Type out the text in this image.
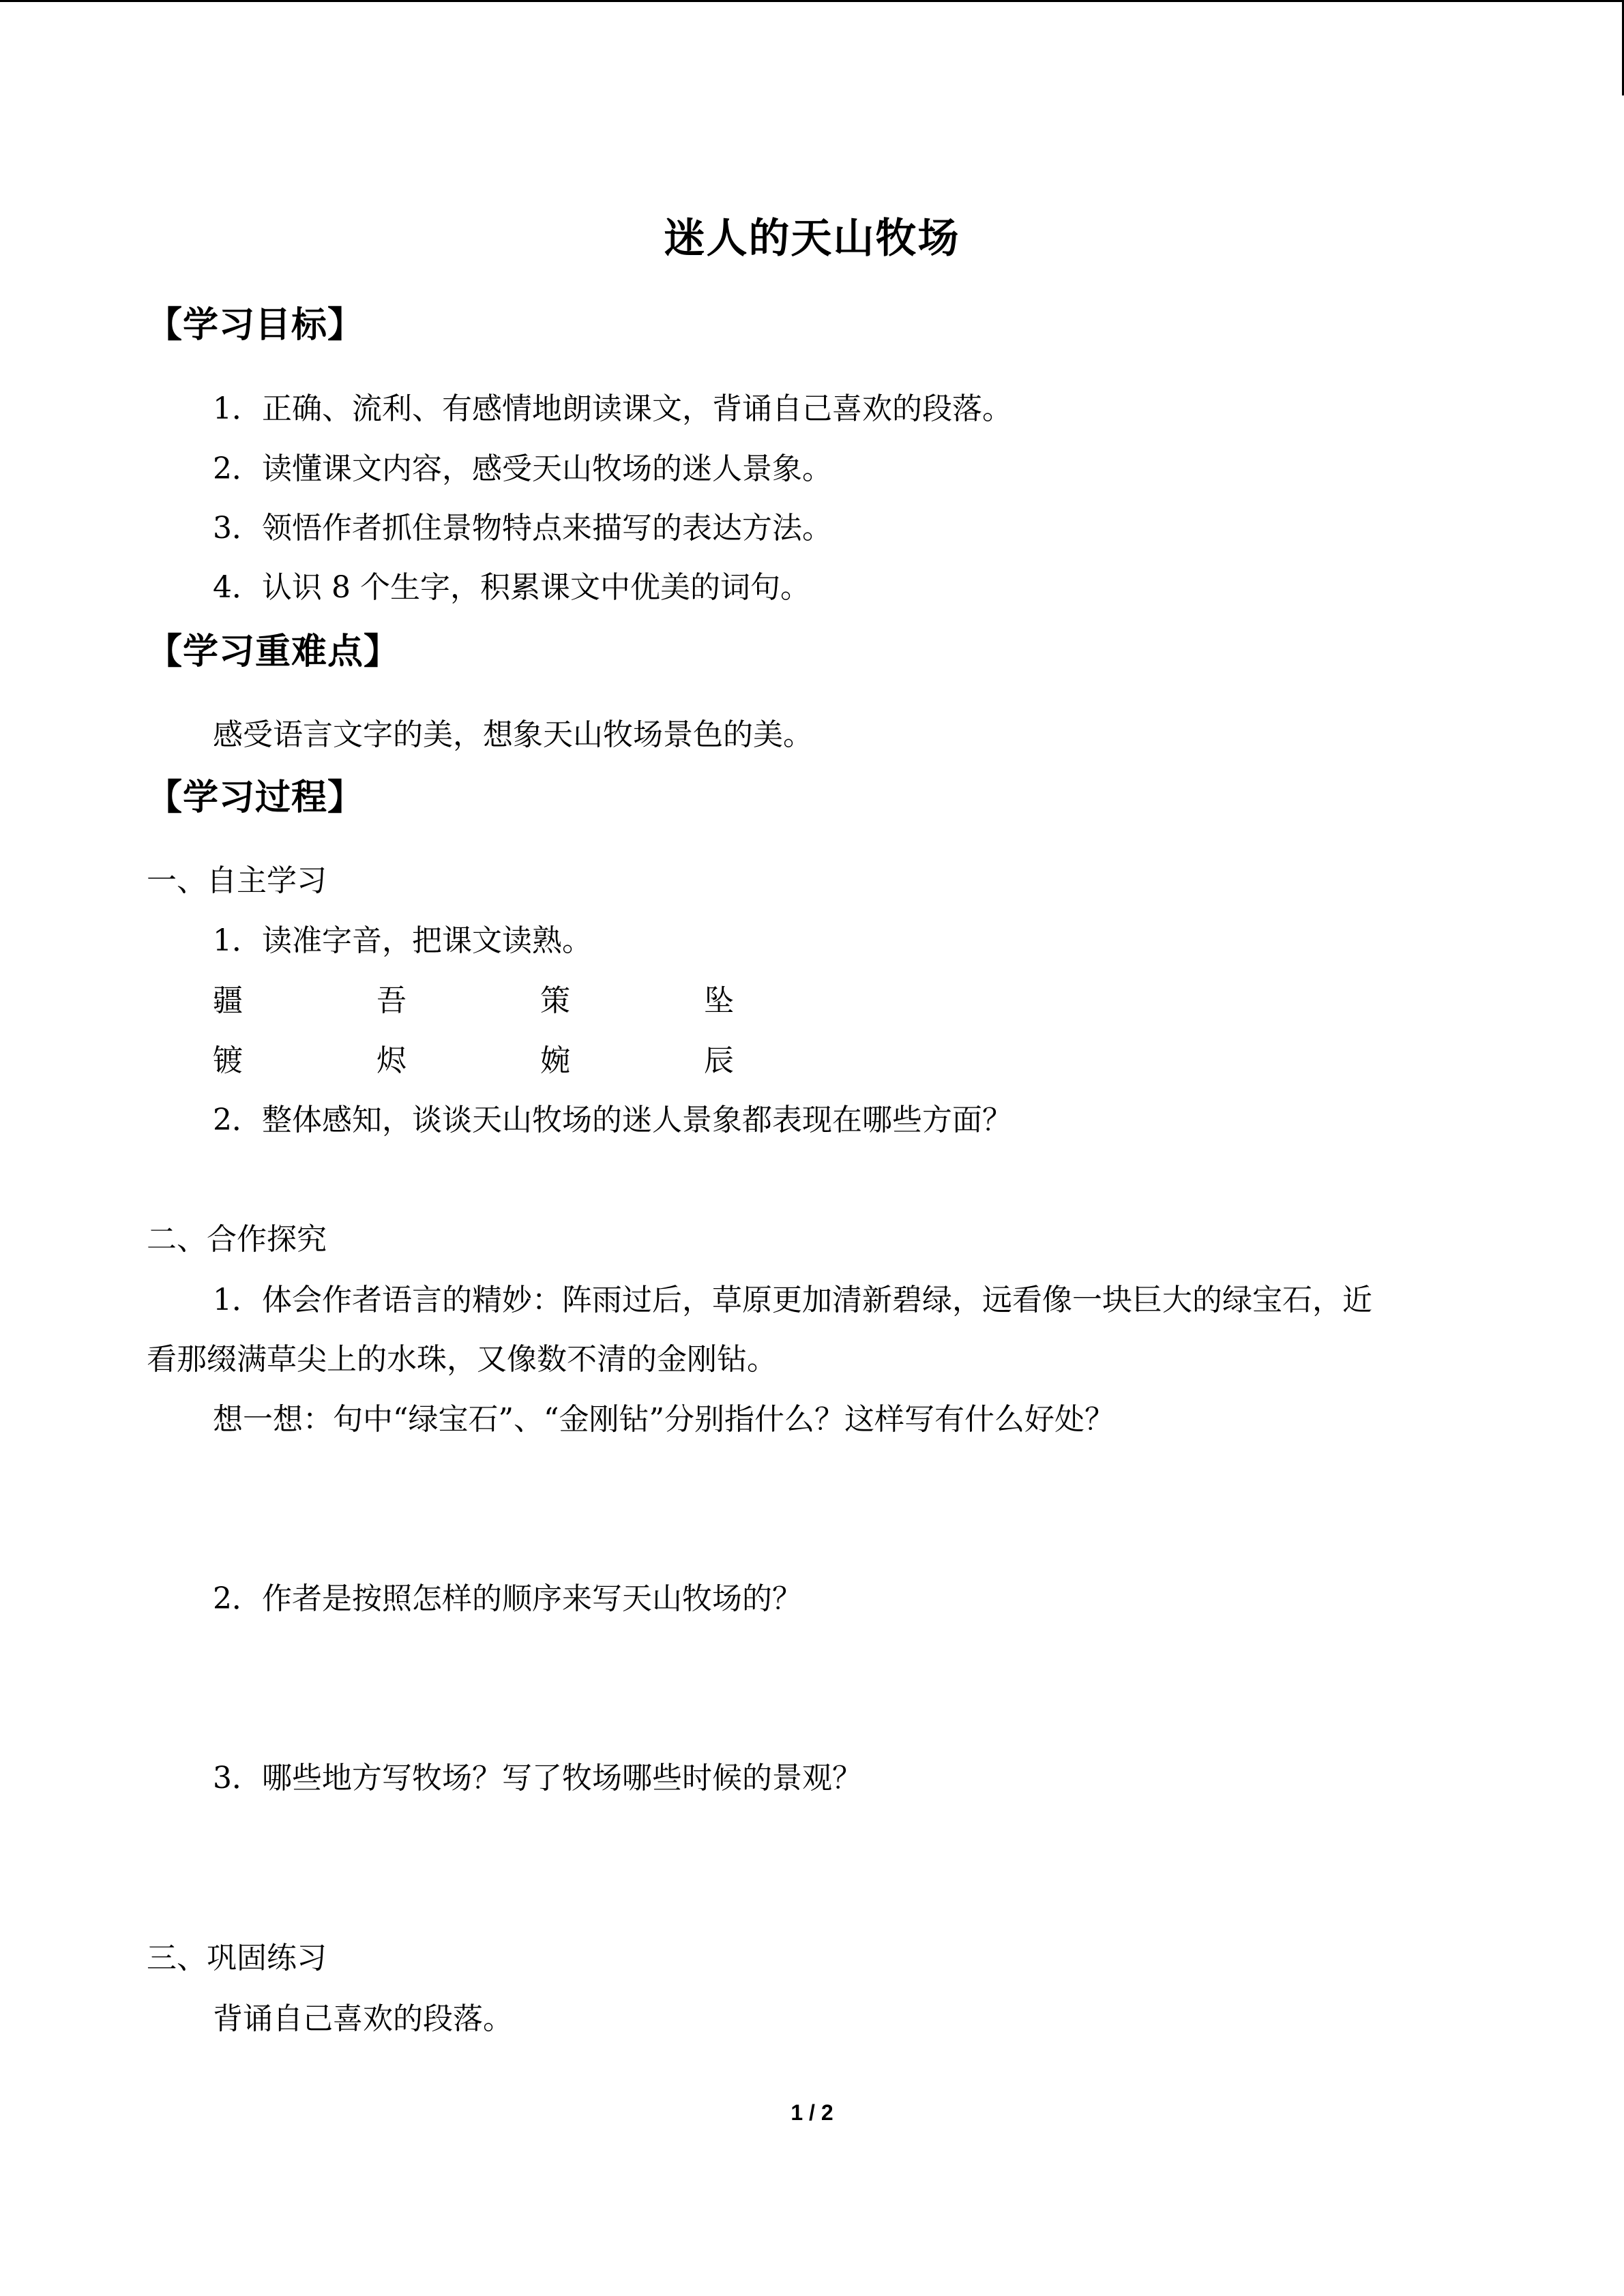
迷人的天山牧场
【学习目标】
1．正确、流利、有感情地朗读课文，背诵自己喜欢的段落。
2．读懂课文内容，感受天山牧场的迷人景象。
3．领悟作者抓住景物特点来描写的表达方法。
4．认识 8 个生字，积累课文中优美的词句。
【学习重难点】
感受语言文字的美，想象天山牧场景色的美。
【学习过程】
一、自主学习
1．读准字音，把课文读熟。
疆	吾	策	坠
镀	烬	婉	辰
2．整体感知，谈谈天山牧场的迷人景象都表现在哪些方面？
二、合作探究
1．体会作者语言的精妙：阵雨过后，草原更加清新碧绿，远看像一块巨大的绿宝石，近
看那缀满草尖上的水珠，又像数不清的金刚钻。
想一想：句中“绿宝石”、“金刚钻”分别指什么？这样写有什么好处？
2．作者是按照怎样的顺序来写天山牧场的？
3．哪些地方写牧场？写了牧场哪些时候的景观？
三、巩固练习
背诵自己喜欢的段落。
1 / 2
